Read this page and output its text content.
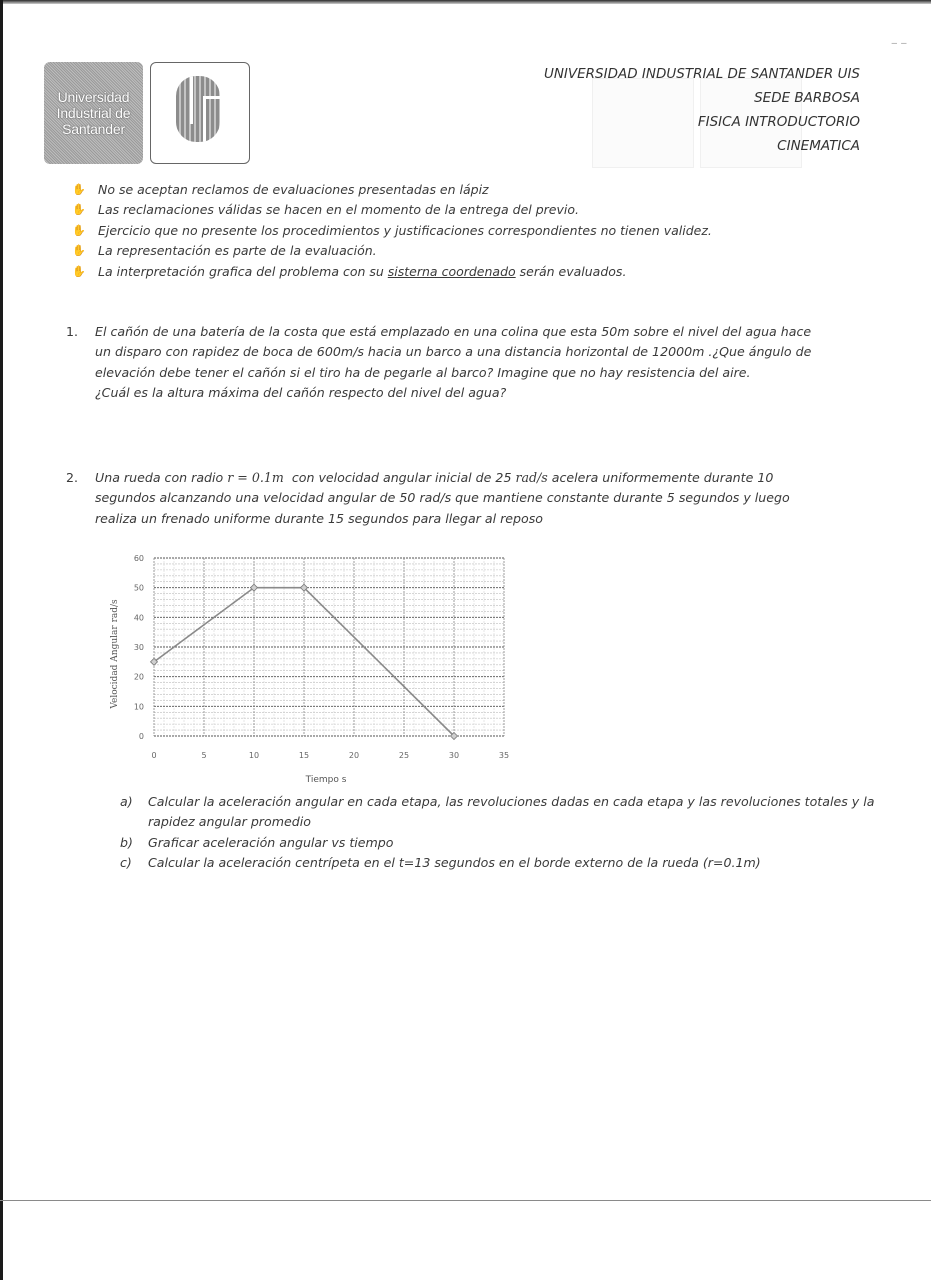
‒ ‒
Universidad
Industrial de
Santander
UNIVERSIDAD INDUSTRIAL DE SANTANDER UIS
SEDE BARBOSA
FISICA INTRODUCTORIO
CINEMATICA
✋ No se aceptan reclamos de evaluaciones presentadas en lápiz
✋ Las reclamaciones válidas se hacen en el momento de la entrega del previo.
✋ Ejercicio que no presente los procedimientos y justificaciones correspondientes no tienen validez.
✋ La representación es parte de la evaluación.
✋ La interpretación grafica del problema con su sisterna coordenado serán evaluados.
1. El cañón de una batería de la costa que está emplazado en una colina que esta 50m sobre el nivel del agua hace
un disparo con rapidez de boca de 600m/s hacia un barco a una distancia horizontal de 12000m .¿Que ángulo de
elevación debe tener el cañón si el tiro ha de pegarle al barco? Imagine que no hay resistencia del aire.
¿Cuál es la altura máxima del cañón respecto del nivel del agua?
2. Una rueda con radio r = 0.1m  con velocidad angular inicial de 25 rad/s acelera uniformemente durante 10
segundos alcanzando una velocidad angular de 50 rad/s que mantiene constante durante 5 segundos y luego
realiza un frenado uniforme durante 15 segundos para llegar al reposo
0
10
20
30
40
50
60
0	5	10	15	20	25	30	35
Tiempo s
Velocidad Angular rad/s
a) Calcular la aceleración angular en cada etapa, las revoluciones dadas en cada etapa y las revoluciones totales y la rapidez angular promedio
b) Graficar aceleración angular vs tiempo
c) Calcular la aceleración centrípeta en el t=13 segundos en el borde externo de la rueda (r=0.1m)
